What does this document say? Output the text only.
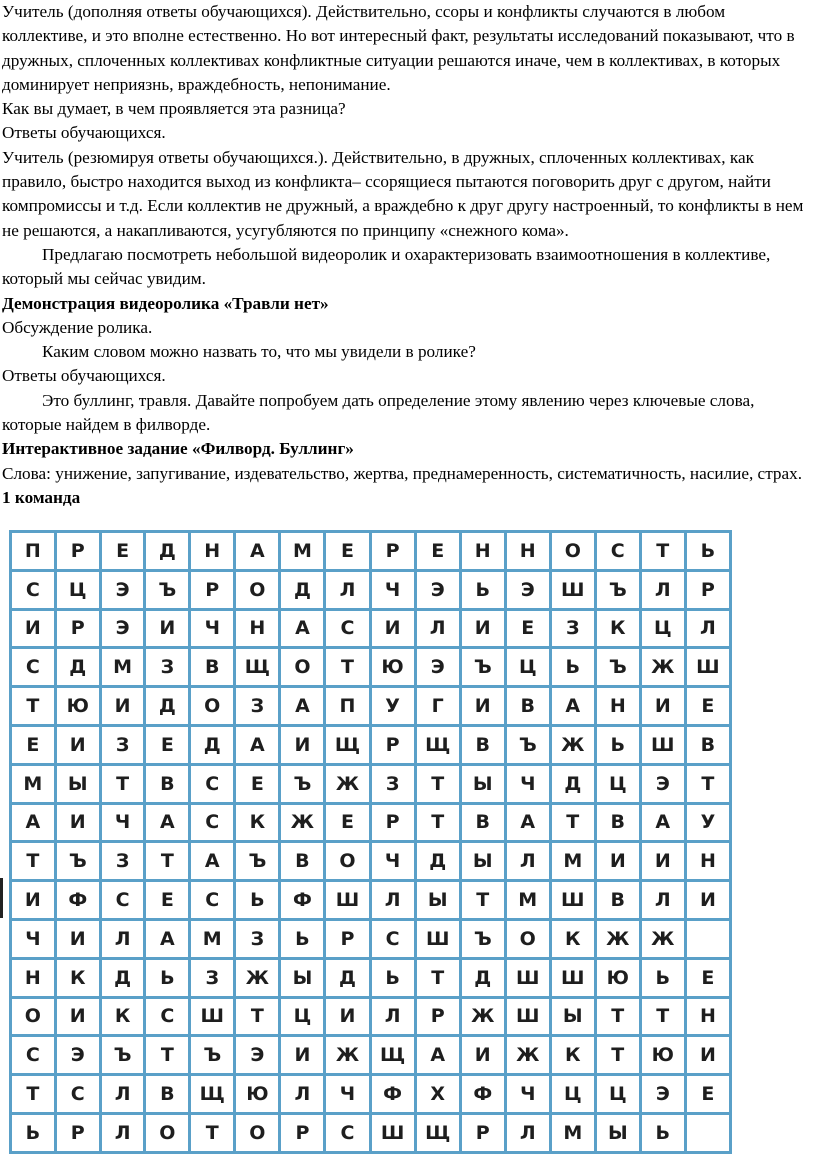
Учитель (дополняя ответы обучающихся). Действительно, ссоры и конфликты случаются в любом коллективе, и это вполне естественно. Но вот интересный факт, результаты исследований показывают, что в дружных, сплоченных коллективах конфликтные ситуации решаются иначе, чем в коллективах, в которых доминирует неприязнь, враждебность, непонимание.

Как вы думает, в чем проявляется эта разница?

Ответы обучающихся.

Учитель (резюмируя ответы обучающихся.). Действительно, в дружных, сплоченных коллективах, как правило, быстро находится выход из конфликта– ссорящиеся пытаются поговорить друг с другом, найти компромиссы и т.д. Если коллектив не дружный, а враждебно к друг другу настроенный, то конфликты в нем не решаются, а накапливаются, усугубляются по принципу «снежного кома».

Предлагаю посмотреть небольшой видеоролик и охарактеризовать взаимоотношения в коллективе, который мы сейчас увидим.

Демонстрация видеоролика «Травли нет»

Обсуждение ролика.

Каким словом можно назвать то, что мы увидели в ролике?

Ответы обучающихся.

Это буллинг, травля. Давайте попробуем дать определение этому явлению через ключевые слова, которые найдем в филворде.

Интерактивное задание «Филворд. Буллинг»

Слова: унижение, запугивание, издевательство, жертва, преднамеренность, систематичность, насилие, страх.

1 команда

П	Р	Е	Д	Н	А	М	Е	Р	Е	Н	Н	О	С	Т	Ь
С	Ц	Э	Ъ	Р	О	Д	Л	Ч	Э	Ь	Э	Ш	Ъ	Л	Р
И	Р	Э	И	Ч	Н	А	С	И	Л	И	Е	З	К	Ц	Л
С	Д	М	З	В	Щ	О	Т	Ю	Э	Ъ	Ц	Ь	Ъ	Ж	Ш
Т	Ю	И	Д	О	З	А	П	У	Г	И	В	А	Н	И	Е
Е	И	З	Е	Д	А	И	Щ	Р	Щ	В	Ъ	Ж	Ь	Ш	В
М	Ы	Т	В	С	Е	Ъ	Ж	З	Т	Ы	Ч	Д	Ц	Э	Т
А	И	Ч	А	С	К	Ж	Е	Р	Т	В	А	Т	В	А	У
Т	Ъ	З	Т	А	Ъ	В	О	Ч	Д	Ы	Л	М	И	И	Н
И	Ф	С	Е	С	Ь	Ф	Ш	Л	Ы	Т	М	Ш	В	Л	И
Ч	И	Л	А	М	З	Ь	Р	С	Ш	Ъ	О	К	Ж	Ж	
Н	К	Д	Ь	З	Ж	Ы	Д	Ь	Т	Д	Ш	Ш	Ю	Ь	Е
О	И	К	С	Ш	Т	Ц	И	Л	Р	Ж	Ш	Ы	Т	Т	Н
С	Э	Ъ	Т	Ъ	Э	И	Ж	Щ	А	И	Ж	К	Т	Ю	И
Т	С	Л	В	Щ	Ю	Л	Ч	Ф	Х	Ф	Ч	Ц	Ц	Э	Е
Ь	Р	Л	О	Т	О	Р	С	Ш	Щ	Р	Л	М	Ы	Ь	
